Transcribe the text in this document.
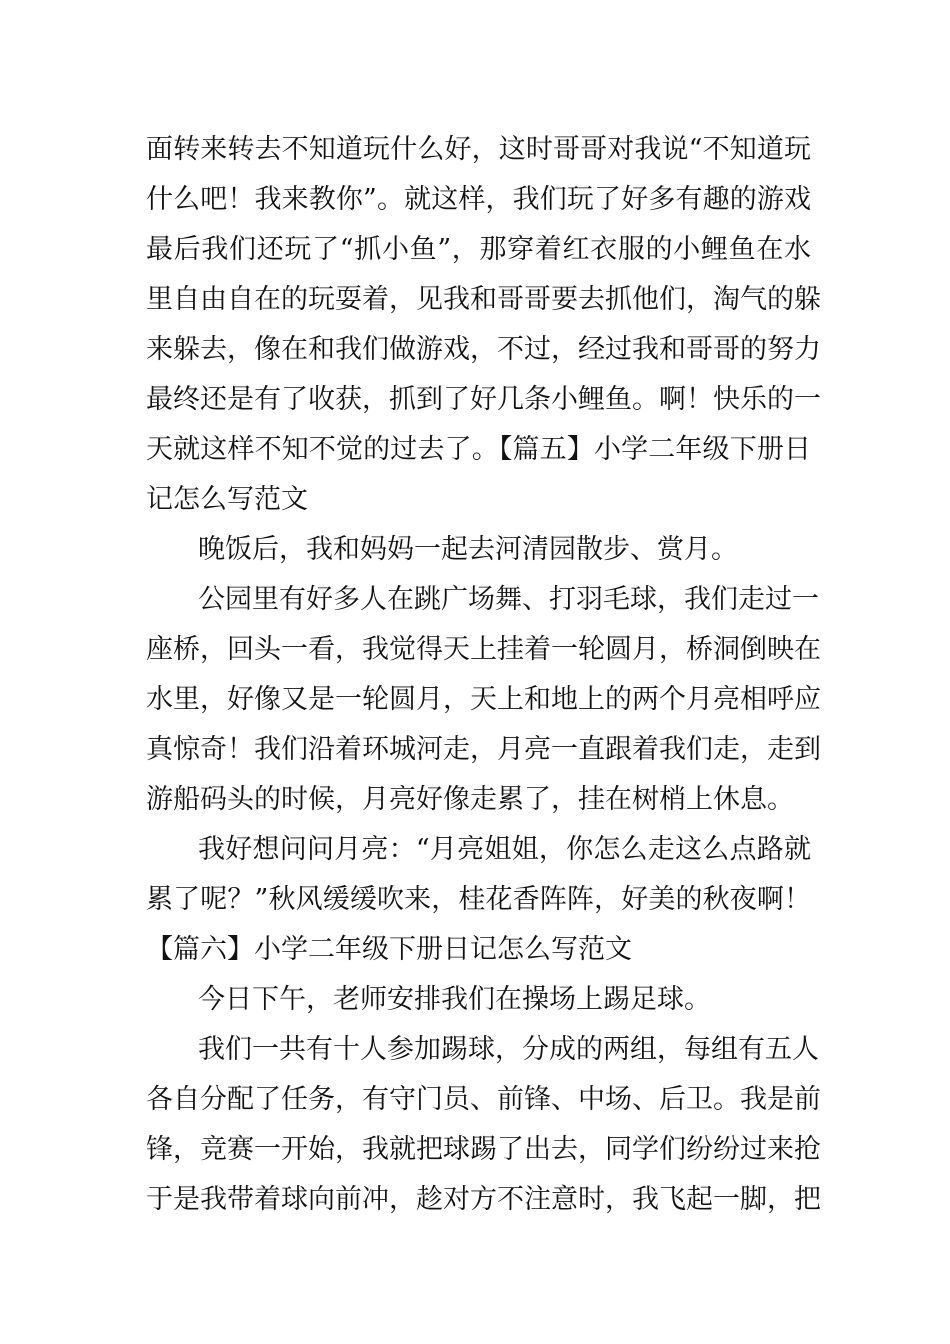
面转来转去不知道玩什么好，这时哥哥对我说“不知道玩
什么吧！我来教你”。就这样，我们玩了好多有趣的游戏
最后我们还玩了“抓小鱼”，那穿着红衣服的小鲤鱼在水
里自由自在的玩耍着，见我和哥哥要去抓他们，淘气的躲
来躲去，像在和我们做游戏，不过，经过我和哥哥的努力
最终还是有了收获，抓到了好几条小鲤鱼。啊！快乐的一
天就这样不知不觉的过去了。【篇五】小学二年级下册日
记怎么写范文
晚饭后，我和妈妈一起去河清园散步、赏月。
公园里有好多人在跳广场舞、打羽毛球，我们走过一
座桥，回头一看，我觉得天上挂着一轮圆月，桥洞倒映在
水里，好像又是一轮圆月，天上和地上的两个月亮相呼应
真惊奇！我们沿着环城河走，月亮一直跟着我们走，走到
游船码头的时候，月亮好像走累了，挂在树梢上休息。
我好想问问月亮：“月亮姐姐，你怎么走这么点路就
累了呢？”秋风缓缓吹来，桂花香阵阵，好美的秋夜啊！
【篇六】小学二年级下册日记怎么写范文
今日下午，老师安排我们在操场上踢足球。
我们一共有十人参加踢球，分成的两组，每组有五人
各自分配了任务，有守门员、前锋、中场、后卫。我是前
锋，竞赛一开始，我就把球踢了出去，同学们纷纷过来抢
于是我带着球向前冲，趁对方不注意时，我飞起一脚，把
